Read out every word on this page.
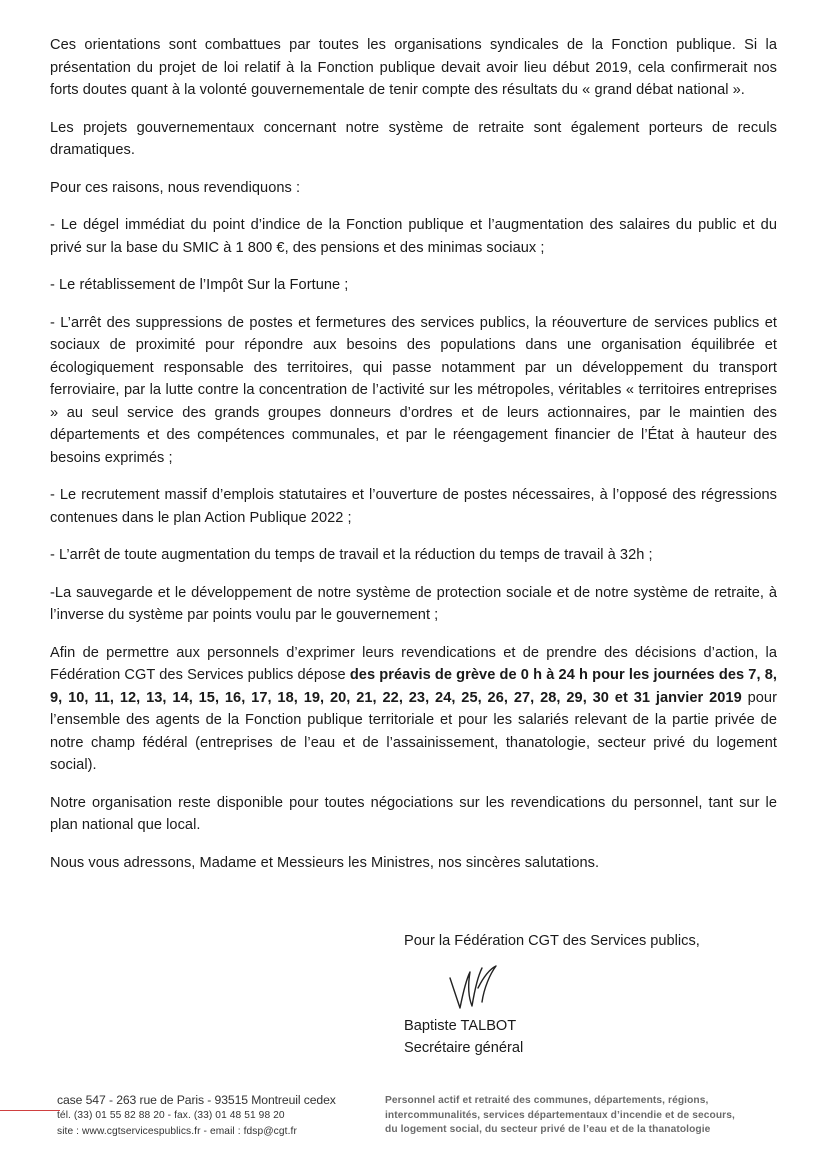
Ces orientations sont combattues par toutes les organisations syndicales de la Fonction publique. Si la présentation du projet de loi relatif à la Fonction publique devait avoir lieu début 2019, cela confirmerait nos forts doutes quant à la volonté gouvernementale de tenir compte des résultats du « grand débat national ».

Les projets gouvernementaux concernant notre système de retraite sont également porteurs de reculs dramatiques.

Pour ces raisons, nous revendiquons :

- Le dégel immédiat du point d’indice de la Fonction publique et l’augmentation des salaires du public et du privé sur la base du SMIC à 1 800 €, des pensions et des minimas sociaux ;

- Le rétablissement de l’Impôt Sur la Fortune ;

- L’arrêt des suppressions de postes et fermetures des services publics, la réouverture de services publics et sociaux de proximité pour répondre aux besoins des populations dans une organisation équilibrée et écologiquement responsable des territoires, qui passe notamment par un développement du transport ferroviaire, par la lutte contre la concentration de l’activité sur les métropoles, véritables « territoires entreprises » au seul service des grands groupes donneurs d’ordres et de leurs actionnaires, par le maintien des départements et des compétences communales, et par le réengagement financier de l’État à hauteur des besoins exprimés ;

- Le recrutement massif d’emplois statutaires et l’ouverture de postes nécessaires, à l’opposé des régressions contenues dans le plan Action Publique 2022 ;

- L’arrêt de toute augmentation du temps de travail et la réduction du temps de travail à 32h ;

-La sauvegarde et le développement de notre système de protection sociale et de notre système de retraite, à l’inverse du système par points voulu par le gouvernement ;

Afin de permettre aux personnels d’exprimer leurs revendications et de prendre des décisions d’action, la Fédération CGT des Services publics dépose des préavis de grève de 0 h à 24 h pour les journées des 7, 8, 9, 10, 11, 12, 13, 14, 15, 16, 17, 18, 19, 20, 21, 22, 23, 24, 25, 26, 27, 28, 29, 30 et 31 janvier 2019 pour l’ensemble des agents de la Fonction publique territoriale et pour les salariés relevant de la partie privée de notre champ fédéral (entreprises de l’eau et de l’assainissement, thanatologie, secteur privé du logement social).

Notre organisation reste disponible pour toutes négociations sur les revendications du personnel, tant sur le plan national que local.

Nous vous adressons, Madame et Messieurs les Ministres, nos sincères salutations.

Pour la Fédération CGT des Services publics,
Baptiste TALBOT
Secrétaire général
case 547 - 263 rue de Paris - 93515 Montreuil cedex
tél. (33) 01 55 82 88 20 - fax. (33) 01 48 51 98 20
site : www.cgtservicespublics.fr - email : fdsp@cgt.fr
Personnel actif et retraité des communes, départements, régions,
intercommunalités, services départementaux d’incendie et de secours,
du logement social, du secteur privé de l’eau et de la thanatologie
